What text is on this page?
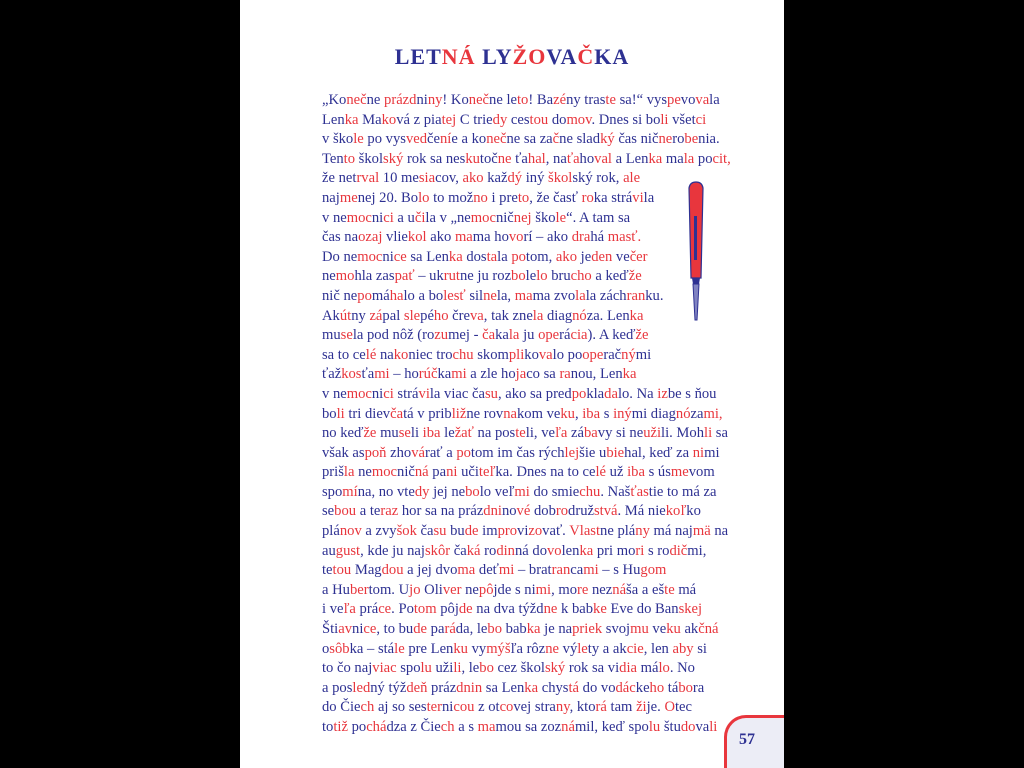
LETNÁ LYŽOVAČKA
„Konečne prázdniny! Konečne leto! Bazény traste sa!“ vyspevovala
Lenka Maková z piatej C triedy cestou domov. Dnes si boli všetci
v škole po vysvedčeníe a konečne sa začne sladký čas ničnerobenia.
Tento školský rok sa neskutočne ťahal, naťahoval a Lenka mala pocit,
že netrval 10 mesiacov, ako každý iný školský rok, ale
najmenej 20. Bolo to možno i preto, že časť roka strávila
v nemocnici a učila v „nemocničnej škole“. A tam sa
čas naozaj vliekol ako mama hovorí – ako drahá masť.
Do nemocnice sa Lenka dostala potom, ako jeden večer
nemohla zaspať – ukrutne ju rozbolelo brucho a keďže
nič nepomáhalo a bolesť silnela, mama zvolala záchranku.
Akútny zápal slepého čreva, tak znela diagnóza. Lenka
musela pod nôž (rozumej - čakala ju operácia). A keďže
sa to celé nakoniec trochu skomplikovalo pooperačnými
ťažkosťami – horúčkami a zle hojaco sa ranou, Lenka
v nemocnici strávila viac času, ako sa predpokladalo. Na izbe s ňou
boli tri dievčatá v približne rovnakom veku, iba s inými diagnózami,
no keďže museli iba ležať na posteli, veľa zábavy si neužili. Mohli sa
však aspoň zhovárať a potom im čas rýchlejšie ubiehal, keď za nimi
prišla nemocničná pani učiteľka. Dnes na to celé už iba s úsmevom
spomína, no vtedy jej nebolo veľmi do smiechu. Našťastie to má za
sebou a teraz hor sa na prázdninové dobrodružstvá. Má niekoľko
plánov a zvyšok času bude improvizovať. Vlastne plány má najmä na
august, kde ju najskôr čaká rodinná dovolenka pri mori s rodičmi,
tetou Magdou a jej dvoma deťmi – bratrancami – s Hugom
a Hubertom. Ujo Oliver nepôjde s nimi, more neznáša a ešte má
i veľa práce. Potom pôjde na dva týždne k babke Eve do Banskej
Štiavnice, to bude paráda, lebo babka je napriek svojmu veku akčná
osôbka – stále pre Lenku vymýšľa rôzne výlety a akcie, len aby si
to čo najviac spolu užili, lebo cez školský rok sa vidia málo. No
a posledný týždeň prázdnin sa Lenka chystá do vodáckeho tábora
do Čiech aj so sesternicou z otcovej strany, ktorá tam žije. Otec
totiž pochádza z Čiech a s mamou sa zoznámil, keď spolu študovali
57
